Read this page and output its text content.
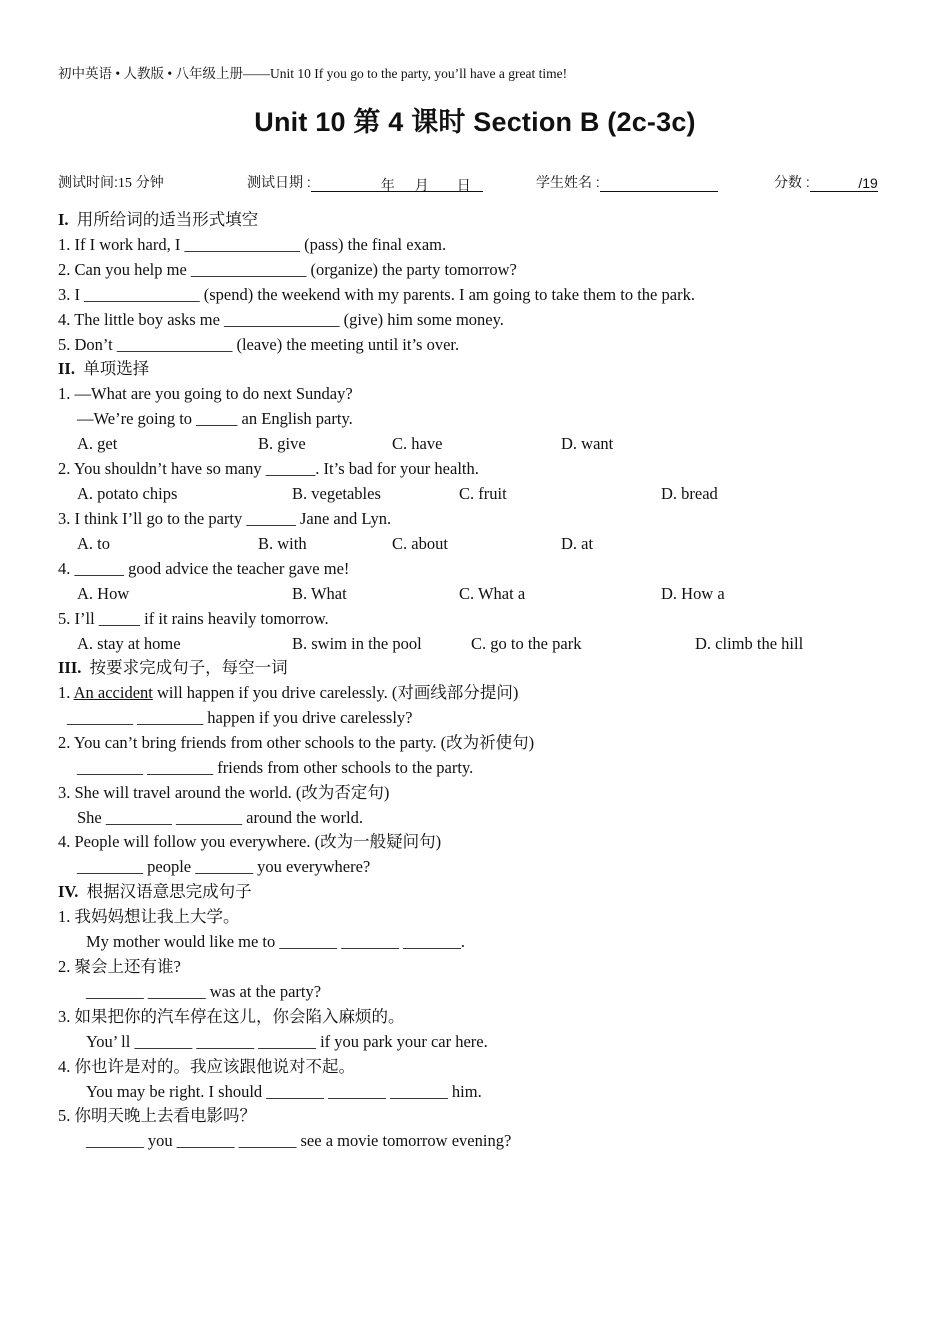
初中英语 • 人教版 • 八年级上册——Unit 10 If you go to the party, you’ll have a great time!
Unit 10 第 4 课时 Section B (2c-3c)
测试时间:15 分钟	测试日期 :	年 月 日	学生姓名 :	分数 :	/19
I. 用所给词的适当形式填空
1. If I work hard, I ______________ (pass) the final exam.
2. Can you help me ______________ (organize) the party tomorrow?
3. I ______________ (spend) the weekend with my parents. I am going to take them to the park.
4. The little boy asks me ______________ (give) him some money.
5. Don’t ______________ (leave) the meeting until it’s over.
II. 单项选择
1. —What are you going to do next Sunday?
—We’re going to _____ an English party.
A. get	B. give	C. have	D. want
2. You shouldn’t have so many ______. It’s bad for your health.
A. potato chips	B. vegetables	C. fruit	D. bread
3. I think I’ll go to the party ______ Jane and Lyn.
A. to	B. with	C. about	D. at
4. ______ good advice the teacher gave me!
A. How	B. What	C. What a	D. How a
5. I’ll _____ if it rains heavily tomorrow.
A. stay at home	B. swim in the pool	C. go to the park	D. climb the hill
III. 按要求完成句子，每空一词
1. An accident will happen if you drive carelessly. (对画线部分提问)
________ ________ happen if you drive carelessly?
2. You can’t bring friends from other schools to the party. (改为祈使句)
________ ________ friends from other schools to the party.
3. She will travel around the world. (改为否定句)
She ________ ________ around the world.
4. People will follow you everywhere. (改为一般疑问句)
________ people _______ you everywhere?
IV. 根据汉语意思完成句子
1. 我妈妈想让我上大学。
My mother would like me to _______ _______ _______.
2. 聚会上还有谁?
_______ _______ was at the party?
3. 如果把你的汽车停在这儿，你会陷入麻烦的。
You’ ll _______ _______ _______ if you park your car here.
4. 你也许是对的。我应该跟他说对不起。
You may be right. I should _______ _______ _______ him.
5. 你明天晚上去看电影吗？
_______ you _______ _______ see a movie tomorrow evening?
